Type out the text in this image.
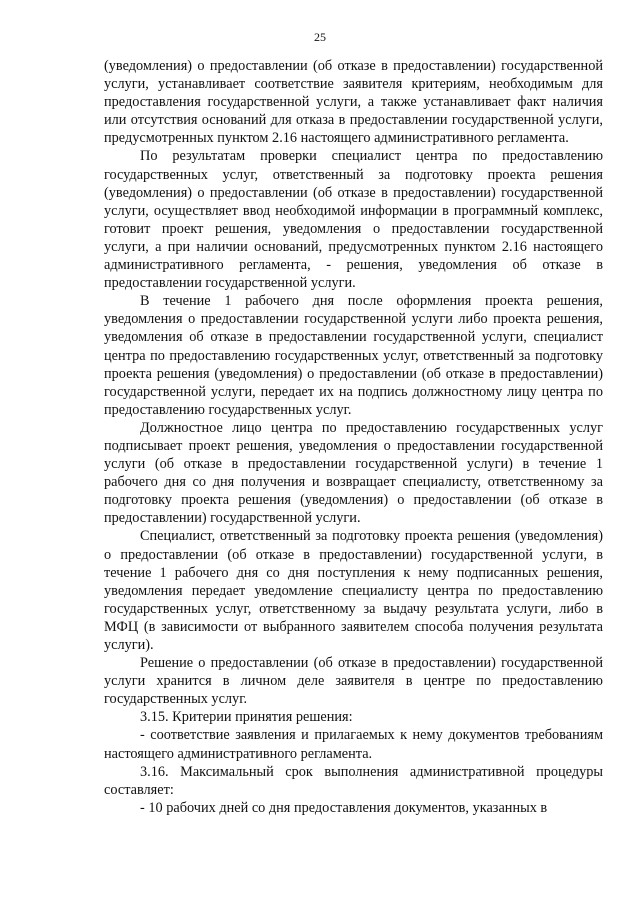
25

(уведомления) о предоставлении (об отказе в предоставлении) государственной услуги, устанавливает соответствие заявителя критериям, необходимым для предоставления государственной услуги, а также устанавливает факт наличия или отсутствия оснований для отказа в предоставлении государственной услуги, предусмотренных пунктом 2.16 настоящего административного регламента.

По результатам проверки специалист центра по предоставлению государственных услуг, ответственный за подготовку проекта решения (уведомления) о предоставлении (об отказе в предоставлении) государственной услуги, осуществляет ввод необходимой информации в программный комплекс, готовит проект решения, уведомления о предоставлении государственной услуги, а при наличии оснований, предусмотренных пунктом 2.16 настоящего административного регламента, - решения, уведомления об отказе в предоставлении государственной услуги.

В течение 1 рабочего дня после оформления проекта решения, уведомления о предоставлении государственной услуги либо проекта решения, уведомления об отказе в предоставлении государственной услуги, специалист центра по предоставлению государственных услуг, ответственный за подготовку проекта решения (уведомления) о предоставлении (об отказе в предоставлении) государственной услуги, передает их на подпись должностному лицу центра по предоставлению государственных услуг.

Должностное лицо центра по предоставлению государственных услуг подписывает проект решения, уведомления о предоставлении государственной услуги (об отказе в предоставлении государственной услуги) в течение 1 рабочего дня со дня получения и возвращает специалисту, ответственному за подготовку проекта решения (уведомления) о предоставлении (об отказе в предоставлении) государственной услуги.

Специалист, ответственный за подготовку проекта решения (уведомления) о предоставлении (об отказе в предоставлении) государственной услуги, в течение 1 рабочего дня со дня поступления к нему подписанных решения, уведомления передает уведомление специалисту центра по предоставлению государственных услуг, ответственному за выдачу результата услуги, либо в МФЦ (в зависимости от выбранного заявителем способа получения результата услуги).

Решение о предоставлении (об отказе в предоставлении) государственной услуги хранится в личном деле заявителя в центре по предоставлению государственных услуг.

3.15. Критерии принятия решения:

- соответствие заявления и прилагаемых к нему документов требованиям настоящего административного регламента.

3.16. Максимальный срок выполнения административной процедуры составляет:

- 10 рабочих дней со дня предоставления документов, указанных в
